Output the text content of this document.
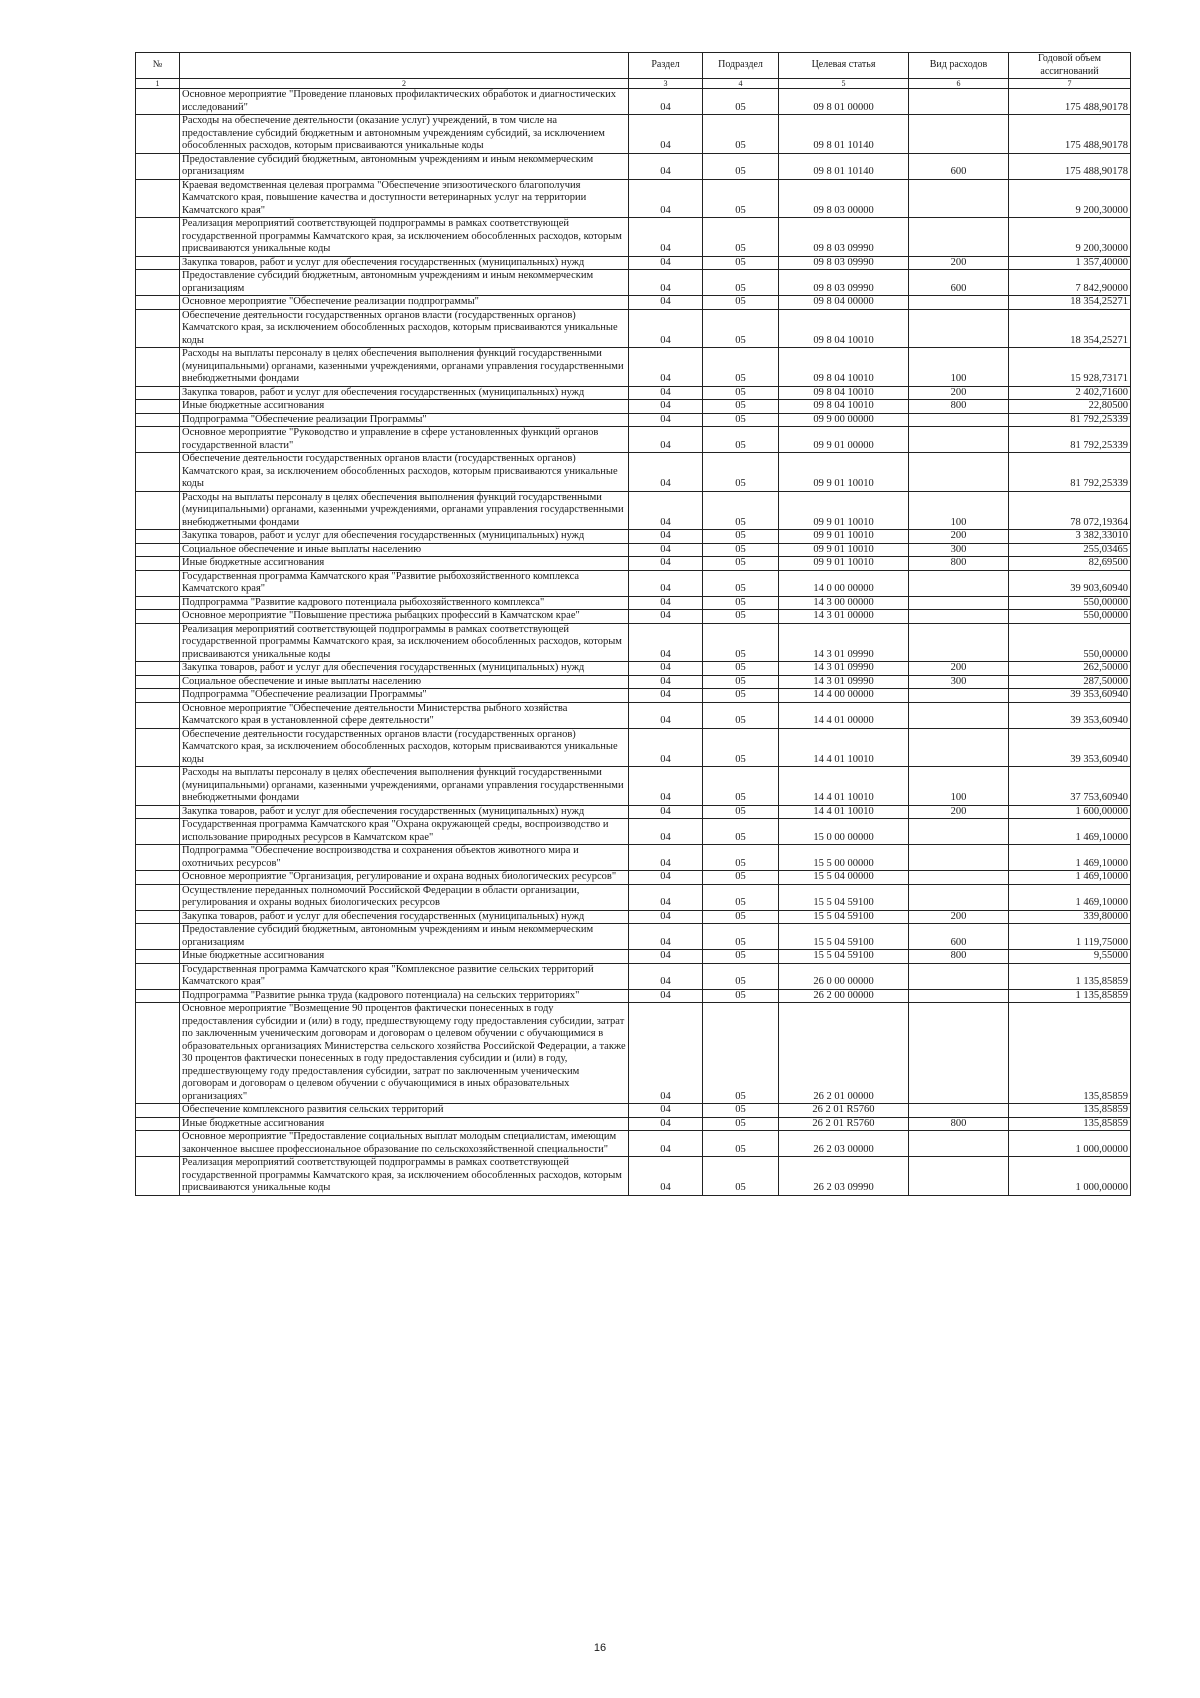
№		Раздел	Подраздел	Целевая статья	Вид расходов	Годовой объем ассигнований
1	2	3	4	5	6	7
	Основное мероприятие "Проведение плановых профилактических обработок и диагностических исследований"	04	05	09 8 01 00000		175 488,90178
	Расходы на обеспечение деятельности (оказание услуг) учреждений, в том числе на предоставление субсидий бюджетным и автономным учреждениям субсидий, за исключением обособленных расходов, которым присваиваются уникальные коды	04	05	09 8 01 10140		175 488,90178
	Предоставление субсидий бюджетным, автономным учреждениям и иным некоммерческим организациям	04	05	09 8 01 10140	600	175 488,90178
	Краевая ведомственная целевая программа "Обеспечение эпизоотического благополучия Камчатского края, повышение качества и доступности ветеринарных услуг на территории Камчатского края"	04	05	09 8 03 00000		9 200,30000
	Реализация мероприятий соответствующей подпрограммы в рамках соответствующей государственной программы Камчатского края, за исключением обособленных расходов, которым присваиваются уникальные коды	04	05	09 8 03 09990		9 200,30000
	Закупка товаров, работ и услуг для обеспечения государственных (муниципальных) нужд	04	05	09 8 03 09990	200	1 357,40000
	Предоставление субсидий бюджетным, автономным учреждениям и иным некоммерческим организациям	04	05	09 8 03 09990	600	7 842,90000
	Основное мероприятие "Обеспечение реализации подпрограммы"	04	05	09 8 04 00000		18 354,25271
	Обеспечение деятельности государственных органов власти (государственных органов) Камчатского края, за исключением обособленных расходов, которым присваиваются уникальные коды	04	05	09 8 04 10010		18 354,25271
	Расходы на выплаты персоналу в целях обеспечения выполнения функций государственными (муниципальными) органами, казенными учреждениями, органами управления государственными внебюджетными фондами	04	05	09 8 04 10010	100	15 928,73171
	Закупка товаров, работ и услуг для обеспечения государственных (муниципальных) нужд	04	05	09 8 04 10010	200	2 402,71600
	Иные бюджетные ассигнования	04	05	09 8 04 10010	800	22,80500
	Подпрограмма "Обеспечение реализации Программы"	04	05	09 9 00 00000		81 792,25339
	Основное мероприятие "Руководство и управление в сфере установленных функций органов государственной власти"	04	05	09 9 01 00000		81 792,25339
	Обеспечение деятельности государственных органов власти (государственных органов) Камчатского края, за исключением обособленных расходов, которым присваиваются уникальные коды	04	05	09 9 01 10010		81 792,25339
	Расходы на выплаты персоналу в целях обеспечения выполнения функций государственными (муниципальными) органами, казенными учреждениями, органами управления государственными внебюджетными фондами	04	05	09 9 01 10010	100	78 072,19364
	Закупка товаров, работ и услуг для обеспечения государственных (муниципальных) нужд	04	05	09 9 01 10010	200	3 382,33010
	Социальное обеспечение и иные выплаты населению	04	05	09 9 01 10010	300	255,03465
	Иные бюджетные ассигнования	04	05	09 9 01 10010	800	82,69500
	Государственная программа Камчатского края "Развитие рыбохозяйственного комплекса Камчатского края"	04	05	14 0 00 00000		39 903,60940
	Подпрограмма "Развитие кадрового потенциала рыбохозяйственного комплекса"	04	05	14 3 00 00000		550,00000
	Основное мероприятие "Повышение престижа рыбацких профессий в Камчатском крае"	04	05	14 3 01 00000		550,00000
	Реализация мероприятий соответствующей подпрограммы в рамках соответствующей государственной программы Камчатского края, за исключением обособленных расходов, которым присваиваются уникальные коды	04	05	14 3 01 09990		550,00000
	Закупка товаров, работ и услуг для обеспечения государственных (муниципальных) нужд	04	05	14 3 01 09990	200	262,50000
	Социальное обеспечение и иные выплаты населению	04	05	14 3 01 09990	300	287,50000
	Подпрограмма "Обеспечение реализации Программы"	04	05	14 4 00 00000		39 353,60940
	Основное мероприятие "Обеспечение деятельности Министерства рыбного хозяйства Камчатского края в установленной сфере деятельности"	04	05	14 4 01 00000		39 353,60940
	Обеспечение деятельности государственных органов власти (государственных органов) Камчатского края, за исключением обособленных расходов, которым присваиваются уникальные коды	04	05	14 4 01 10010		39 353,60940
	Расходы на выплаты персоналу в целях обеспечения выполнения функций государственными (муниципальными) органами, казенными учреждениями, органами управления государственными внебюджетными фондами	04	05	14 4 01 10010	100	37 753,60940
	Закупка товаров, работ и услуг для обеспечения государственных (муниципальных) нужд	04	05	14 4 01 10010	200	1 600,00000
	Государственная программа Камчатского края "Охрана окружающей среды, воспроизводство и использование природных ресурсов в Камчатском крае"	04	05	15 0 00 00000		1 469,10000
	Подпрограмма "Обеспечение воспроизводства и сохранения объектов животного мира и охотничьих ресурсов"	04	05	15 5 00 00000		1 469,10000
	Основное мероприятие "Организация, регулирование и охрана водных биологических ресурсов"	04	05	15 5 04 00000		1 469,10000
	Осуществление переданных полномочий Российской Федерации в области организации, регулирования и охраны водных биологических ресурсов	04	05	15 5 04 59100		1 469,10000
	Закупка товаров, работ и услуг для обеспечения государственных (муниципальных) нужд	04	05	15 5 04 59100	200	339,80000
	Предоставление субсидий бюджетным, автономным учреждениям и иным некоммерческим организациям	04	05	15 5 04 59100	600	1 119,75000
	Иные бюджетные ассигнования	04	05	15 5 04 59100	800	9,55000
	Государственная программа Камчатского края "Комплексное развитие сельских территорий Камчатского края"	04	05	26 0 00 00000		1 135,85859
	Подпрограмма "Развитие рынка труда (кадрового потенциала) на сельских территориях"	04	05	26 2 00 00000		1 135,85859
	Основное мероприятие "Возмещение 90 процентов фактически понесенных в году предоставления субсидии и (или) в году, предшествующему году предоставления субсидии, затрат по заключенным ученическим договорам и договорам о целевом обучении с обучающимися в образовательных организациях Министерства сельского хозяйства Российской Федерации, а также 30 процентов фактически понесенных в году предоставления субсидии и (или) в году, предшествующему году предоставления субсидии, затрат по заключенным ученическим договорам и договорам о целевом обучении с обучающимися в иных образовательных организациях"	04	05	26 2 01 00000		135,85859
	Обеспечение комплексного развития сельских территорий	04	05	26 2 01 R5760		135,85859
	Иные бюджетные ассигнования	04	05	26 2 01 R5760	800	135,85859
	Основное мероприятие "Предоставление социальных выплат молодым специалистам, имеющим законченное высшее профессиональное образование по сельскохозяйственной специальности"	04	05	26 2 03 00000		1 000,00000
	Реализация мероприятий соответствующей подпрограммы в рамках соответствующей государственной программы Камчатского края, за исключением обособленных расходов, которым присваиваются уникальные коды	04	05	26 2 03 09990		1 000,00000
16
